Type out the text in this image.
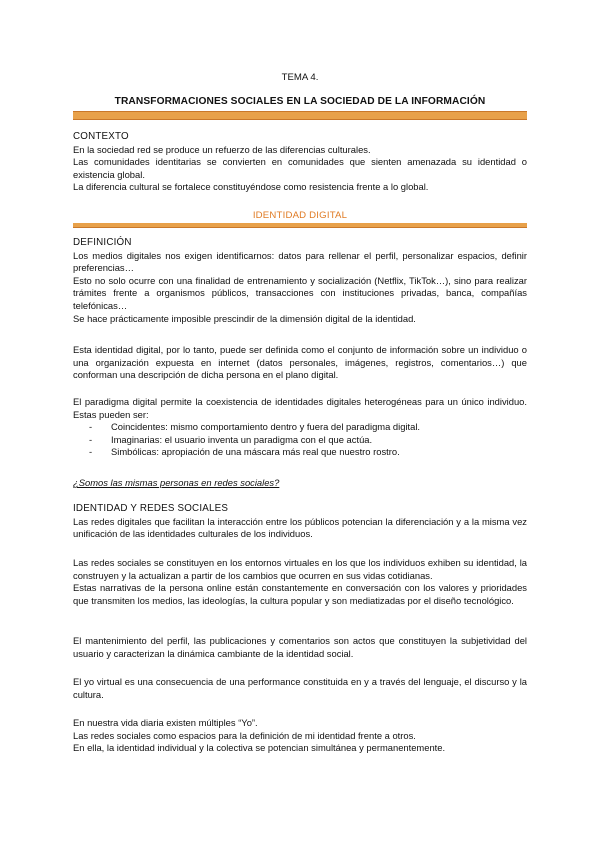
TEMA 4.
TRANSFORMACIONES SOCIALES EN LA SOCIEDAD DE LA INFORMACIÓN

CONTEXTO

En la sociedad red se produce un refuerzo de las diferencias culturales.

Las comunidades identitarias se convierten en comunidades que sienten amenazada su identidad o existencia global.

La diferencia cultural se fortalece constituyéndose como resistencia frente a lo global.

IDENTIDAD DIGITAL

DEFINICIÓN

Los medios digitales nos exigen identificarnos: datos para rellenar el perfil, personalizar espacios, definir preferencias…

Esto no solo ocurre con una finalidad de entrenamiento y socialización (Netflix, TikTok…), sino para realizar trámites frente a organismos públicos, transacciones con instituciones privadas, banca, compañías telefónicas…

Se hace prácticamente imposible prescindir de la dimensión digital de la identidad.

Esta identidad digital, por lo tanto, puede ser definida como el conjunto de información sobre un individuo o una organización expuesta en internet (datos personales, imágenes, registros, comentarios…) que conforman una descripción de dicha persona en el plano digital.

El paradigma digital permite la coexistencia de identidades digitales heterogéneas para un único individuo. Estas pueden ser:

- Coincidentes: mismo comportamiento dentro y fuera del paradigma digital.
- Imaginarias: el usuario inventa un paradigma con el que actúa.
- Simbólicas: apropiación de una máscara más real que nuestro rostro.

¿Somos las mismas personas en redes sociales?

IDENTIDAD Y REDES SOCIALES

Las redes digitales que facilitan la interacción entre los públicos potencian la diferenciación y a la misma vez unificación de las identidades culturales de los individuos.

Las redes sociales se constituyen en los entornos virtuales en los que los individuos exhiben su identidad, la construyen y la actualizan a partir de los cambios que ocurren en sus vidas cotidianas.

Estas narrativas de la persona online están constantemente en conversación con los valores y prioridades que transmiten los medios, las ideologías, la cultura popular y son mediatizadas por el diseño tecnológico.

El mantenimiento del perfil, las publicaciones y comentarios son actos que constituyen la subjetividad del usuario y caracterizan la dinámica cambiante de la identidad social.

El yo virtual es una consecuencia de una performance constituida en y a través del lenguaje, el discurso y la cultura.

En nuestra vida diaria existen múltiples “Yo”.

Las redes sociales como espacios para la definición de mi identidad frente a otros.

En ella, la identidad individual y la colectiva se potencian simultánea y permanentemente.
